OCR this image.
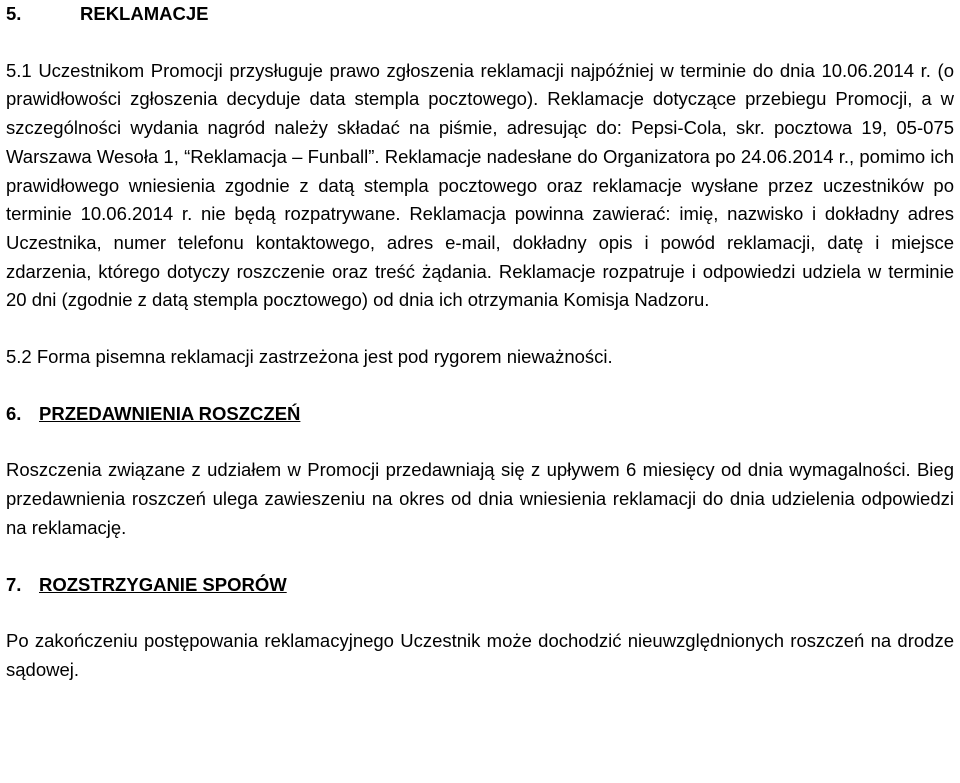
5.	REKLAMACJE

5.1 Uczestnikom Promocji przysługuje prawo zgłoszenia reklamacji najpóźniej w terminie do dnia 10.06.2014 r. (o prawidłowości zgłoszenia decyduje data stempla pocztowego). Reklamacje dotyczące przebiegu Promocji, a w szczególności wydania nagród należy składać na piśmie, adresując do: Pepsi-Cola, skr. pocztowa 19, 05-075 Warszawa Wesoła 1, “Reklamacja – Funball”. Reklamacje nadesłane do Organizatora po 24.06.2014 r., pomimo ich prawidłowego wniesienia zgodnie z datą stempla pocztowego oraz reklamacje wysłane przez uczestników po terminie 10.06.2014 r. nie będą rozpatrywane. Reklamacja powinna zawierać: imię, nazwisko i dokładny adres Uczestnika, numer telefonu kontaktowego, adres e-mail, dokładny opis i powód reklamacji, datę i miejsce zdarzenia, którego dotyczy roszczenie oraz treść żądania. Reklamacje rozpatruje i odpowiedzi udziela w terminie 20 dni (zgodnie z datą stempla pocztowego) od dnia ich otrzymania Komisja Nadzoru.

5.2 Forma pisemna reklamacji zastrzeżona jest pod rygorem nieważności.

6. PRZEDAWNIENIA ROSZCZEŃ

Roszczenia związane z udziałem w Promocji przedawniają się z upływem 6 miesięcy od dnia wymagalności. Bieg przedawnienia roszczeń ulega zawieszeniu na okres od dnia wniesienia reklamacji do dnia udzielenia odpowiedzi na reklamację.

7. ROZSTRZYGANIE SPORÓW

Po zakończeniu postępowania reklamacyjnego Uczestnik może dochodzić nieuwzględnionych roszczeń na drodze sądowej.
